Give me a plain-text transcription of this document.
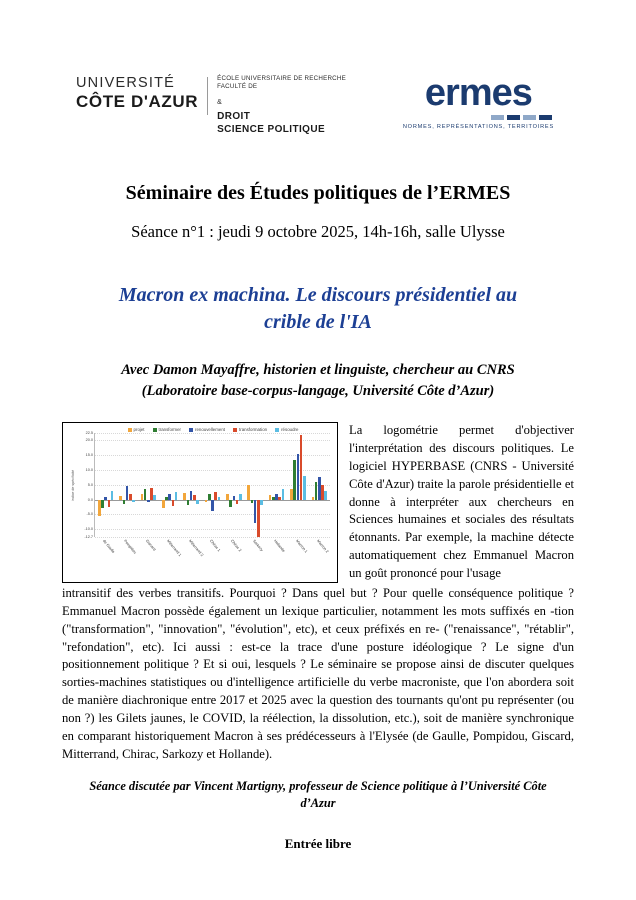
UNIVERSITÉ
CÔTE D'AZUR
ÉCOLE UNIVERSITAIRE DE RECHERCHE
FACULTÉ DE
&
DROIT
SCIENCE POLITIQUE
ermes
NORMES, REPRÉSENTATIONS, TERRITOIRES
Séminaire des Études politiques de l’ERMES
Séance n°1 : jeudi 9 octobre 2025, 14h-16h, salle Ulysse
Macron ex machina. Le discours présidentiel au
crible de l'IA
Avec Damon Mayaffre, historien et linguiste, chercheur au CNRS
(Laboratoire base-corpus-langage, Université Côte d’Azur)
projet	transformer	renouvellement	transformation	résoudre
indice de spécificité
22.5
20.0
15.0
10.0
5.0
0.0
-5.0
-10.0
-12.7
de Gaulle Pompidou Giscard	Mitterrand 1 Mitterrand 2 Chirac 1 Chirac 2 Sarkozy	Hollande Macron 1 Macron 2
La logométrie permet d'objectiver l'interprétation des discours politiques. Le logiciel HYPERBASE (CNRS - Université Côte d'Azur) traite la parole présidentielle et donne à interpréter aux chercheurs en Sciences humaines et sociales des résultats étonnants. Par exemple, la machine détecte automatiquement chez Emmanuel Macron un goût prononcé pour l'usage
intransitif des verbes transitifs. Pourquoi ? Dans quel but ? Pour quelle conséquence politique ? Emmanuel Macron possède également un lexique particulier, notamment les mots suffixés en -tion ("transformation", "innovation", "évolution", etc), et ceux préfixés en re- ("renaissance", "rétablir", "refondation", etc). Ici aussi : est-ce la trace d'une posture idéologique ? Le signe d'un positionnement politique ? Et si oui, lesquels ? Le séminaire se propose ainsi de discuter quelques sorties-machines statistiques ou d'intelligence artificielle du verbe macroniste, que l'on abordera soit de manière diachronique entre 2017 et 2025 avec la question des tournants qu'ont pu représenter (ou non ?) les Gilets jaunes, le COVID, la réélection, la dissolution, etc.), soit de manière synchronique en comparant historiquement Macron à ses prédécesseurs à l'Elysée (de Gaulle, Pompidou, Giscard, Mitterrand, Chirac, Sarkozy et Hollande).
Séance discutée par Vincent Martigny, professeur de Science politique à l’Université Côte d’Azur
Entrée libre
